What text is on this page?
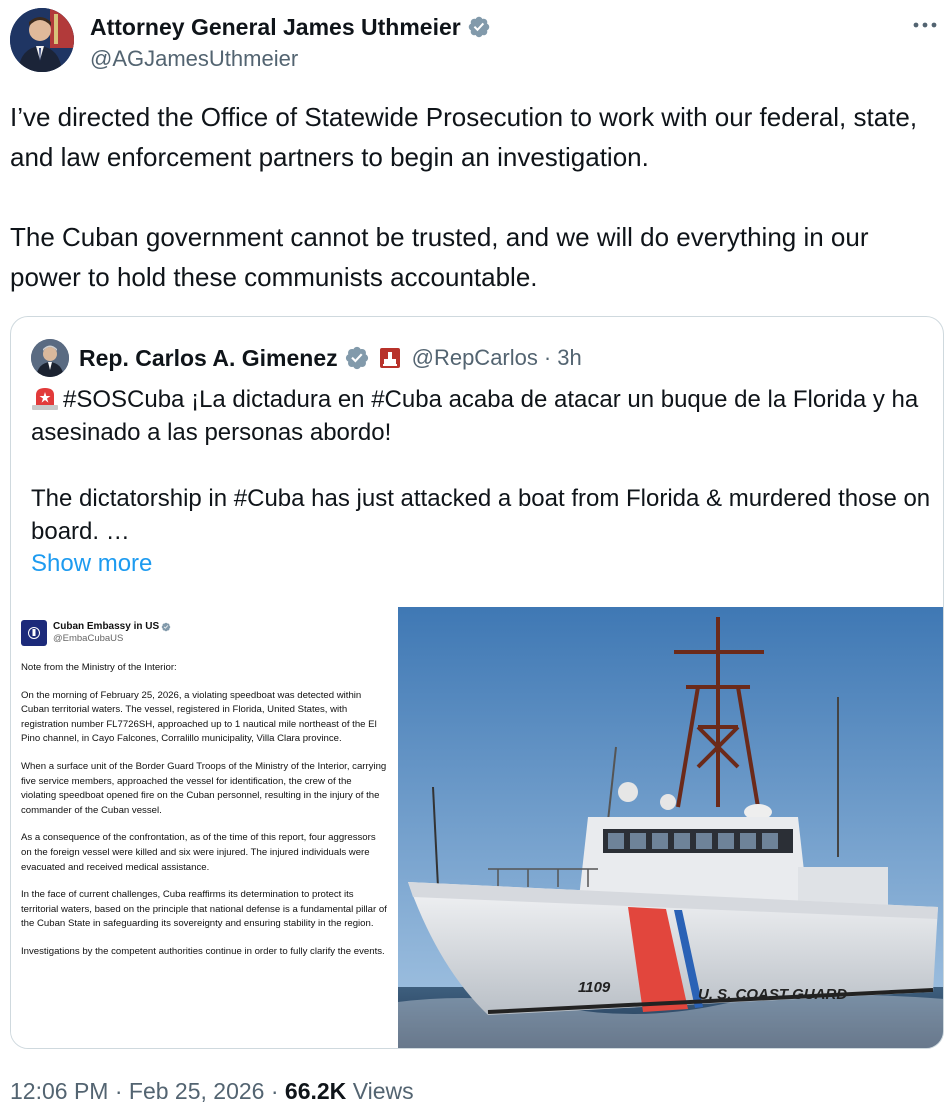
Attorney General James Uthmeier
@AGJamesUthmeier

I’ve directed the Office of Statewide Prosecution to work with our federal, state, and law enforcement partners to begin an investigation.

The Cuban government cannot be trusted, and we will do everything in our power to hold these communists accountable.

Rep. Carlos A. Gimenez	@RepCarlos · 3h
#SOSCuba ¡La dictadura en #Cuba acaba de atacar un buque de la Florida y ha asesinado a las personas abordo!
The dictatorship in #Cuba has just attacked a boat from Florida & murdered those on board. …
Show more
Cuban Embassy in US
@EmbaCubaUS

Note from the Ministry of the Interior:

On the morning of February 25, 2026, a violating speedboat was detected within Cuban territorial waters. The vessel, registered in Florida, United States, with registration number FL7726SH, approached up to 1 nautical mile northeast of the El Pino channel, in Cayo Falcones, Corralillo municipality, Villa Clara province.

When a surface unit of the Border Guard Troops of the Ministry of the Interior, carrying five service members, approached the vessel for identification, the crew of the violating speedboat opened fire on the Cuban personnel, resulting in the injury of the commander of the Cuban vessel.

As a consequence of the confrontation, as of the time of this report, four aggressors on the foreign vessel were killed and six were injured. The injured individuals were evacuated and received medical assistance.

In the face of current challenges, Cuba reaffirms its determination to protect its territorial waters, based on the principle that national defense is a fundamental pillar of the Cuban State in safeguarding its sovereignty and ensuring stability in the region.

Investigations by the competent authorities continue in order to fully clarify the events.

1109	U. S. COAST GUARD
12:06 PM · Feb 25, 2026 · 66.2K Views
